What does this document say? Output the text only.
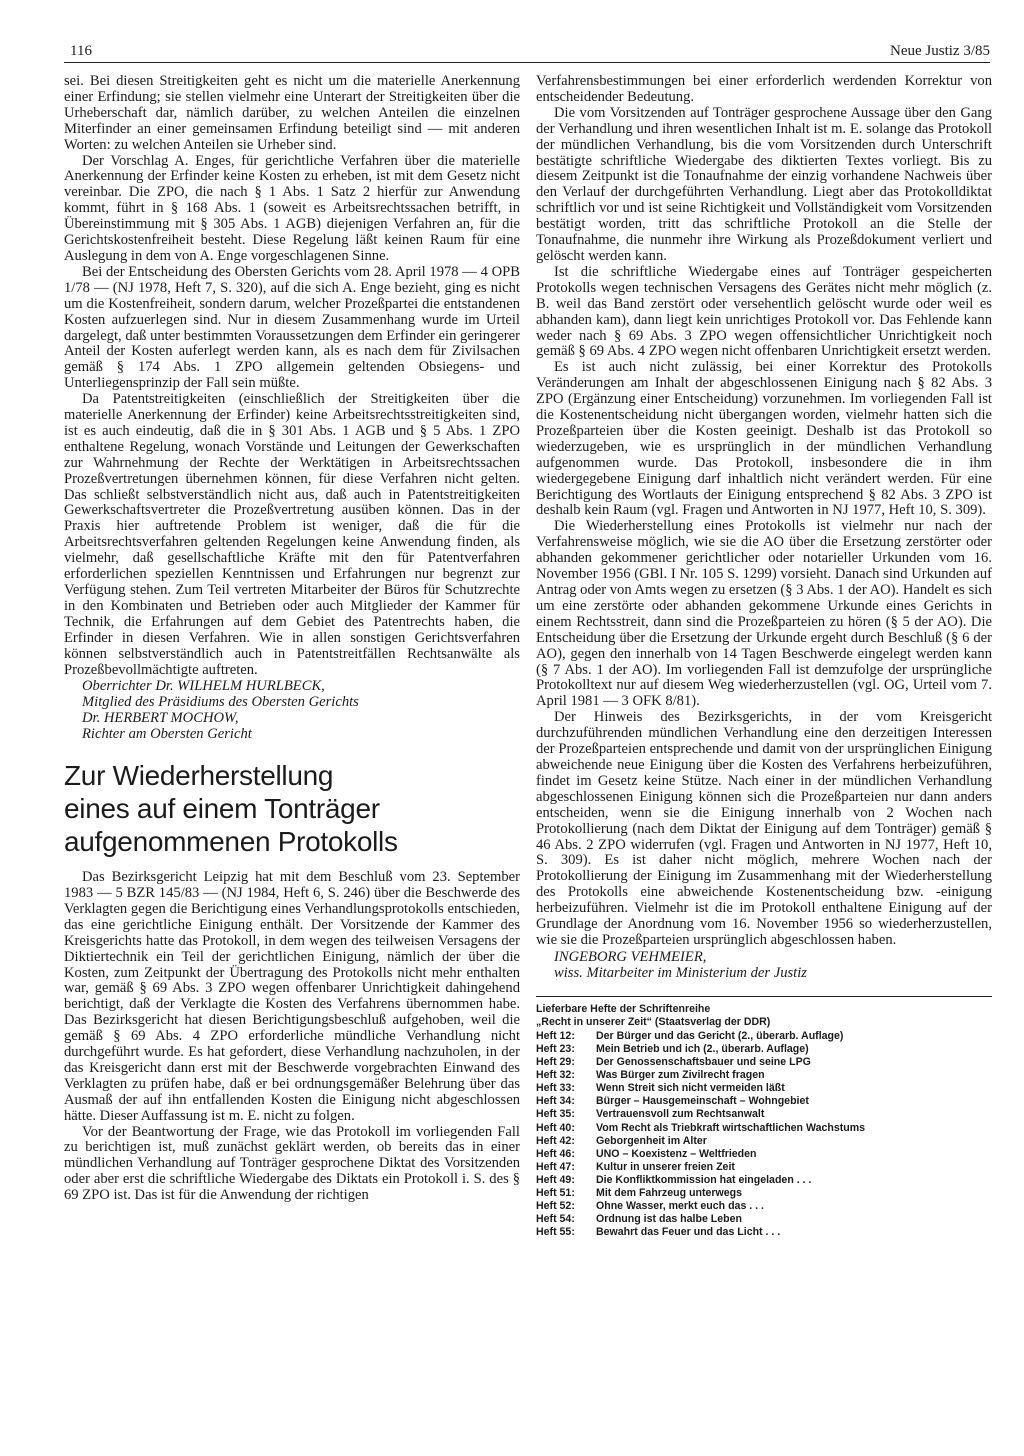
116	Neue Justiz 3/85

sei. Bei diesen Streitigkeiten geht es nicht um die materielle Anerkennung einer Erfindung; sie stellen vielmehr eine Unterart der Streitigkeiten über die Urheberschaft dar, nämlich darüber, zu welchen Anteilen die einzelnen Miterfinder an einer gemeinsamen Erfindung beteiligt sind — mit anderen Worten: zu welchen Anteilen sie Urheber sind.

Der Vorschlag A. Enges, für gerichtliche Verfahren über die materielle Anerkennung der Erfinder keine Kosten zu erheben, ist mit dem Gesetz nicht vereinbar. Die ZPO, die nach § 1 Abs. 1 Satz 2 hierfür zur Anwendung kommt, führt in § 168 Abs. 1 (soweit es Arbeitsrechtssachen betrifft, in Übereinstimmung mit § 305 Abs. 1 AGB) diejenigen Verfahren an, für die Gerichtskostenfreiheit besteht. Diese Regelung läßt keinen Raum für eine Auslegung in dem von A. Enge vorgeschlagenen Sinne.

Bei der Entscheidung des Obersten Gerichts vom 28. April 1978 — 4 OPB 1/78 — (NJ 1978, Heft 7, S. 320), auf die sich A. Enge bezieht, ging es nicht um die Kostenfreiheit, sondern darum, welcher Prozeßpartei die entstandenen Kosten aufzuerlegen sind. Nur in diesem Zusammenhang wurde im Urteil dargelegt, daß unter bestimmten Voraussetzungen dem Erfinder ein geringerer Anteil der Kosten auferlegt werden kann, als es nach dem für Zivilsachen gemäß § 174 Abs. 1 ZPO allgemein geltenden Obsiegens- und Unterliegensprinzip der Fall sein müßte.

Da Patentstreitigkeiten (einschließlich der Streitigkeiten über die materielle Anerkennung der Erfinder) keine Arbeitsrechtsstreitigkeiten sind, ist es auch eindeutig, daß die in § 301 Abs. 1 AGB und § 5 Abs. 1 ZPO enthaltene Regelung, wonach Vorstände und Leitungen der Gewerkschaften zur Wahrnehmung der Rechte der Werktätigen in Arbeitsrechtssachen Prozeßvertretungen übernehmen können, für diese Verfahren nicht gelten. Das schließt selbstverständlich nicht aus, daß auch in Patentstreitigkeiten Gewerkschaftsvertreter die Prozeßvertretung ausüben können. Das in der Praxis hier auftretende Problem ist weniger, daß die für die Arbeitsrechtsverfahren geltenden Regelungen keine Anwendung finden, als vielmehr, daß gesellschaftliche Kräfte mit den für Patentverfahren erforderlichen speziellen Kenntnissen und Erfahrungen nur begrenzt zur Verfügung stehen. Zum Teil vertreten Mitarbeiter der Büros für Schutzrechte in den Kombinaten und Betrieben oder auch Mitglieder der Kammer für Technik, die Erfahrungen auf dem Gebiet des Patentrechts haben, die Erfinder in diesen Verfahren. Wie in allen sonstigen Gerichtsverfahren können selbstverständlich auch in Patentstreitfällen Rechtsanwälte als Prozeßbevollmächtigte auftreten.

Oberrichter Dr. WILHELM HURLBECK,

Mitglied des Präsidiums des Obersten Gerichts

Dr. HERBERT MOCHOW,

Richter am Obersten Gericht

Zur Wiederherstellung
eines auf einem Tonträger
aufgenommenen Protokolls

Das Bezirksgericht Leipzig hat mit dem Beschluß vom 23. September 1983 — 5 BZR 145/83 — (NJ 1984, Heft 6, S. 246) über die Beschwerde des Verklagten gegen die Berichtigung eines Verhandlungsprotokolls entschieden, das eine gerichtliche Einigung enthält. Der Vorsitzende der Kammer des Kreisgerichts hatte das Protokoll, in dem wegen des teilweisen Versagens der Diktiertechnik ein Teil der gerichtlichen Einigung, nämlich der über die Kosten, zum Zeitpunkt der Übertragung des Protokolls nicht mehr enthalten war, gemäß § 69 Abs. 3 ZPO wegen offenbarer Unrichtigkeit dahingehend berichtigt, daß der Verklagte die Kosten des Verfahrens übernommen habe. Das Bezirksgericht hat diesen Berichtigungsbeschluß aufgehoben, weil die gemäß § 69 Abs. 4 ZPO erforderliche mündliche Verhandlung nicht durchgeführt wurde. Es hat gefordert, diese Verhandlung nachzuholen, in der das Kreisgericht dann erst mit der Beschwerde vorgebrachten Einwand des Verklagten zu prüfen habe, daß er bei ordnungsgemäßer Belehrung über das Ausmaß der auf ihn entfallenden Kosten die Einigung nicht abgeschlossen hätte. Dieser Auffassung ist m. E. nicht zu folgen.

Vor der Beantwortung der Frage, wie das Protokoll im vorliegenden Fall zu berichtigen ist, muß zunächst geklärt werden, ob bereits das in einer mündlichen Verhandlung auf Tonträger gesprochene Diktat des Vorsitzenden oder aber erst die schriftliche Wiedergabe des Diktats ein Protokoll i. S. des § 69 ZPO ist. Das ist für die Anwendung der richtigen

Verfahrensbestimmungen bei einer erforderlich werdenden Korrektur von entscheidender Bedeutung.

Die vom Vorsitzenden auf Tonträger gesprochene Aussage über den Gang der Verhandlung und ihren wesentlichen Inhalt ist m. E. solange das Protokoll der mündlichen Verhandlung, bis die vom Vorsitzenden durch Unterschrift bestätigte schriftliche Wiedergabe des diktierten Textes vorliegt. Bis zu diesem Zeitpunkt ist die Tonaufnahme der einzig vorhandene Nachweis über den Verlauf der durchgeführten Verhandlung. Liegt aber das Protokolldiktat schriftlich vor und ist seine Richtigkeit und Vollständigkeit vom Vorsitzenden bestätigt worden, tritt das schriftliche Protokoll an die Stelle der Tonaufnahme, die nunmehr ihre Wirkung als Prozeßdokument verliert und gelöscht werden kann.

Ist die schriftliche Wiedergabe eines auf Tonträger gespeicherten Protokolls wegen technischen Versagens des Gerätes nicht mehr möglich (z. B. weil das Band zerstört oder versehentlich gelöscht wurde oder weil es abhanden kam), dann liegt kein unrichtiges Protokoll vor. Das Fehlende kann weder nach § 69 Abs. 3 ZPO wegen offensichtlicher Unrichtigkeit noch gemäß § 69 Abs. 4 ZPO wegen nicht offenbaren Unrichtigkeit ersetzt werden.

Es ist auch nicht zulässig, bei einer Korrektur des Protokolls Veränderungen am Inhalt der abgeschlossenen Einigung nach § 82 Abs. 3 ZPO (Ergänzung einer Entscheidung) vorzunehmen. Im vorliegenden Fall ist die Kostenentscheidung nicht übergangen worden, vielmehr hatten sich die Prozeßparteien über die Kosten geeinigt. Deshalb ist das Protokoll so wiederzugeben, wie es ursprünglich in der mündlichen Verhandlung aufgenommen wurde. Das Protokoll, insbesondere die in ihm wiedergegebene Einigung darf inhaltlich nicht verändert werden. Für eine Berichtigung des Wortlauts der Einigung entsprechend § 82 Abs. 3 ZPO ist deshalb kein Raum (vgl. Fragen und Antworten in NJ 1977, Heft 10, S. 309).

Die Wiederherstellung eines Protokolls ist vielmehr nur nach der Verfahrensweise möglich, wie sie die AO über die Ersetzung zerstörter oder abhanden gekommener gerichtlicher oder notarieller Urkunden vom 16. November 1956 (GBl. I Nr. 105 S. 1299) vorsieht. Danach sind Urkunden auf Antrag oder von Amts wegen zu ersetzen (§ 3 Abs. 1 der AO). Handelt es sich um eine zerstörte oder abhanden gekommene Urkunde eines Gerichts in einem Rechtsstreit, dann sind die Prozeßparteien zu hören (§ 5 der AO). Die Entscheidung über die Ersetzung der Urkunde ergeht durch Beschluß (§ 6 der AO), gegen den innerhalb von 14 Tagen Beschwerde eingelegt werden kann (§ 7 Abs. 1 der AO). Im vorliegenden Fall ist demzufolge der ursprüngliche Protokolltext nur auf diesem Weg wiederherzustellen (vgl. OG, Urteil vom 7. April 1981 — 3 OFK 8/81).

Der Hinweis des Bezirksgerichts, in der vom Kreisgericht durchzuführenden mündlichen Verhandlung eine den derzeitigen Interessen der Prozeßparteien entsprechende und damit von der ursprünglichen Einigung abweichende neue Einigung über die Kosten des Verfahrens herbeizuführen, findet im Gesetz keine Stütze. Nach einer in der mündlichen Verhandlung abgeschlossenen Einigung können sich die Prozeßparteien nur dann anders entscheiden, wenn sie die Einigung innerhalb von 2 Wochen nach Protokollierung (nach dem Diktat der Einigung auf dem Tonträger) gemäß § 46 Abs. 2 ZPO widerrufen (vgl. Fragen und Antworten in NJ 1977, Heft 10, S. 309). Es ist daher nicht möglich, mehrere Wochen nach der Protokollierung der Einigung im Zusammenhang mit der Wiederherstellung des Protokolls eine abweichende Kostenentscheidung bzw. -einigung herbeizuführen. Vielmehr ist die im Protokoll enthaltene Einigung auf der Grundlage der Anordnung vom 16. November 1956 so wiederherzustellen, wie sie die Prozeßparteien ursprünglich abgeschlossen haben.

INGEBORG VEHMEIER,

wiss. Mitarbeiter im Ministerium der Justiz

Lieferbare Hefte der Schriftenreihe
„Recht in unserer Zeit“ (Staatsverlag der DDR)
Heft 12:	Der Bürger und das Gericht (2., überarb. Auflage)
Heft 23:	Mein Betrieb und ich (2., überarb. Auflage)
Heft 29:	Der Genossenschaftsbauer und seine LPG
Heft 32:	Was Bürger zum Zivilrecht fragen
Heft 33:	Wenn Streit sich nicht vermeiden läßt
Heft 34:	Bürger – Hausgemeinschaft – Wohngebiet
Heft 35:	Vertrauensvoll zum Rechtsanwalt
Heft 40:	Vom Recht als Triebkraft wirtschaftlichen Wachstums
Heft 42:	Geborgenheit im Alter
Heft 46:	UNO – Koexistenz – Weltfrieden
Heft 47:	Kultur in unserer freien Zeit
Heft 49:	Die Konfliktkommission hat eingeladen . . .
Heft 51:	Mit dem Fahrzeug unterwegs
Heft 52:	Ohne Wasser, merkt euch das . . .
Heft 54:	Ordnung ist das halbe Leben
Heft 55:	Bewahrt das Feuer und das Licht . . .
